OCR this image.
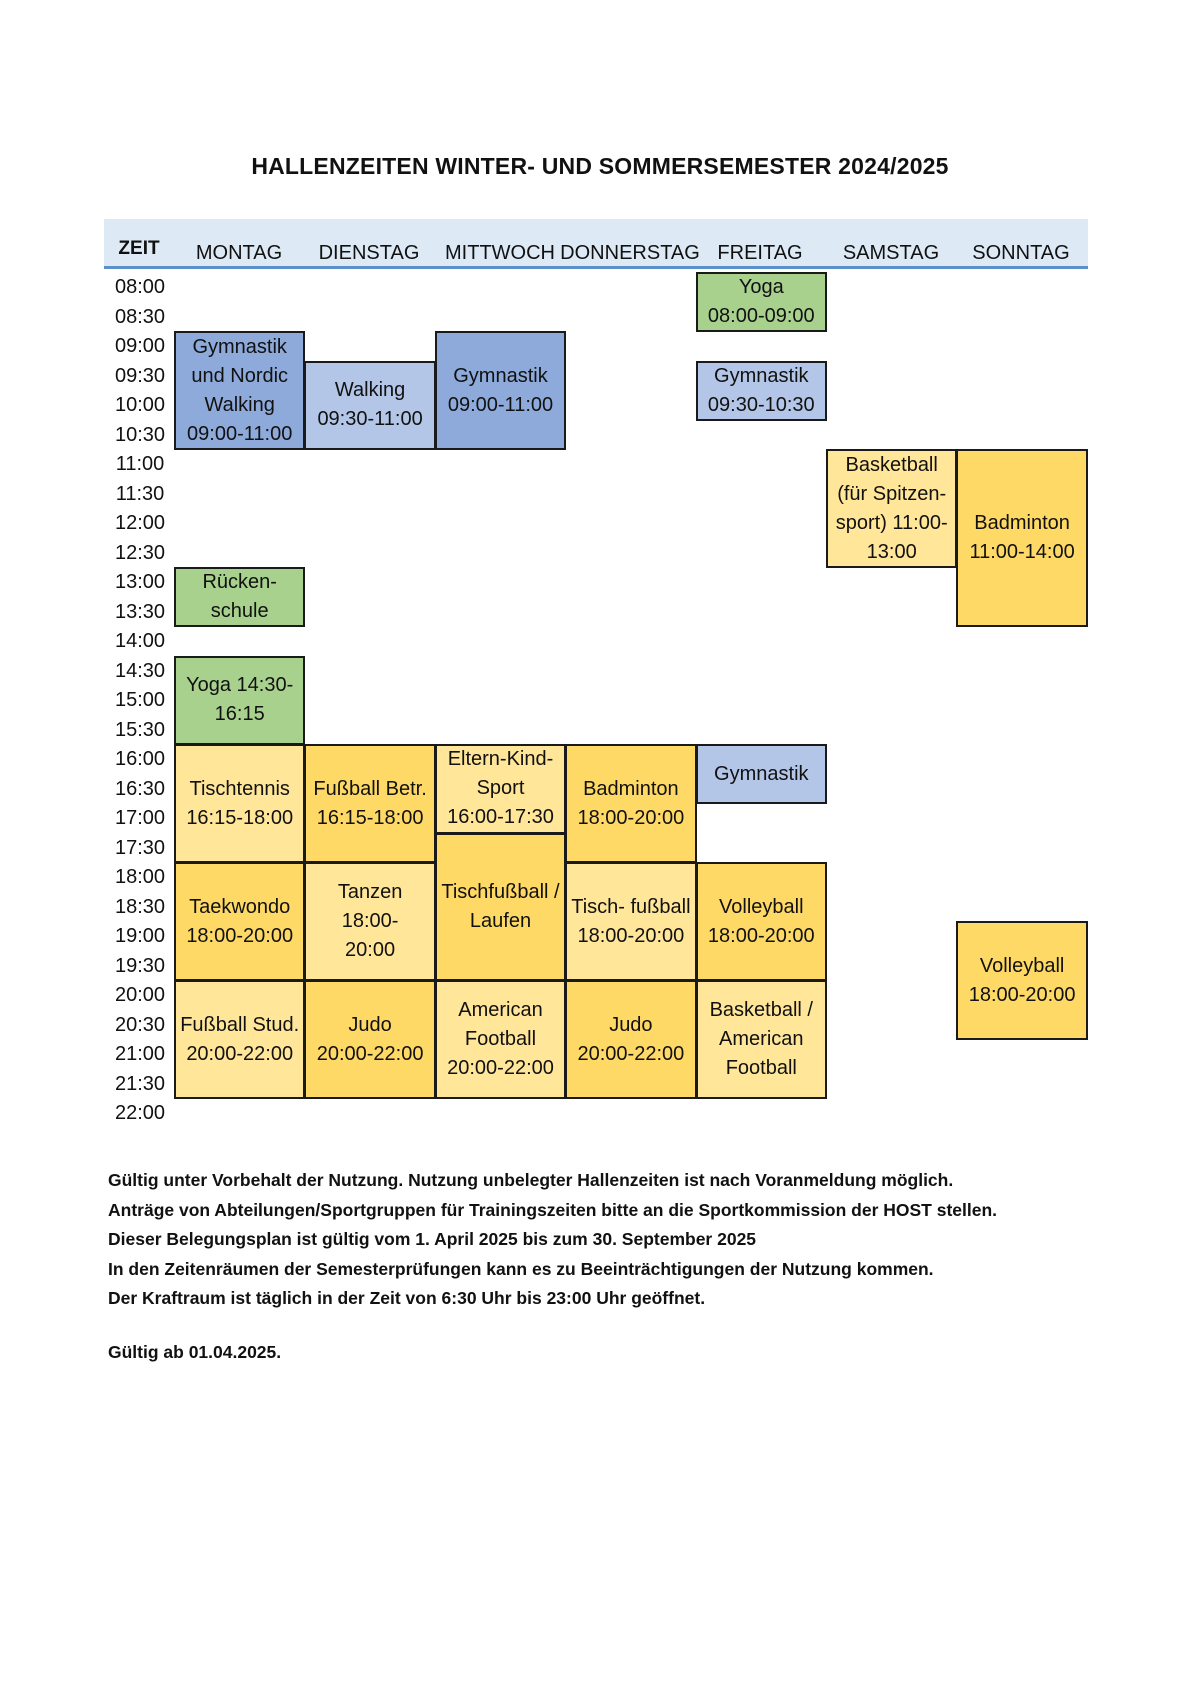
HALLENZEITEN WINTER- UND SOMMERSEMESTER 2024/2025
ZEIT MONTAG DIENSTAG MITTWOCH DONNERSTAG FREITAG SAMSTAG SONNTAG
08:00
08:30
09:00
09:30
10:00
10:30
11:00
11:30
12:00
12:30
13:00
13:30
14:00
14:30
15:00
15:30
16:00
16:30
17:00
17:30
18:00
18:30
19:00
19:30
20:00
20:30
21:00
21:30
22:00
Gymnastik
und Nordic
Walking
09:00-11:00
Walking
09:30-11:00
Gymnastik
09:00-11:00
Yoga
08:00-09:00
Gymnastik
09:30-10:30
Basketball
(für Spitzen-
sport) 11:00-
13:00
Badminton
11:00-14:00
Rücken-
schule
Yoga 14:30-
16:15
Tischtennis
16:15-18:00
Fußball Betr.
16:15-18:00
Eltern-Kind-
Sport
16:00-17:30
Badminton
18:00-20:00
Gymnastik
Taekwondo
18:00-20:00
Tanzen 18:00-
20:00
Tischfußball /
Laufen
Tisch- fußball
18:00-20:00
Volleyball
18:00-20:00
Volleyball
18:00-20:00
Fußball Stud.
20:00-22:00
Judo
20:00-22:00
American
Football
20:00-22:00
Judo
20:00-22:00
Basketball /
American
Football
Gültig unter Vorbehalt der Nutzung. Nutzung unbelegter Hallenzeiten ist nach Voranmeldung möglich.
Anträge von Abteilungen/Sportgruppen für Trainingszeiten bitte an die Sportkommission der HOST stellen.
Dieser Belegungsplan ist gültig vom 1. April 2025 bis zum 30. September 2025
In den Zeitenräumen der Semesterprüfungen kann es zu Beeinträchtigungen der Nutzung kommen.
Der Kraftraum ist täglich in der Zeit von 6:30 Uhr bis 23:00 Uhr geöffnet.
Gültig ab 01.04.2025.
